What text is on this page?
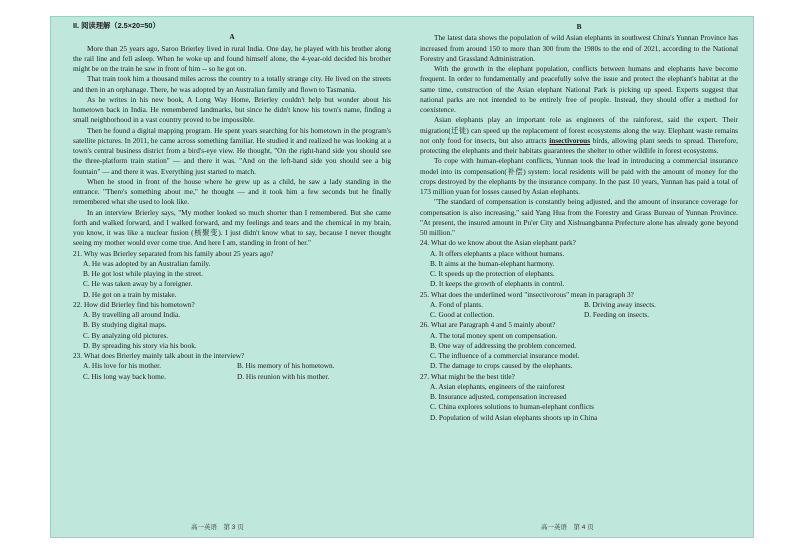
II. 阅读理解（2.5×20=50）
A

More than 25 years ago, Saroo Brierley lived in rural India. One day, he played with his brother along the rail line and fell asleep. When he woke up and found himself alone, the 4-year-old decided his brother might be on the train he saw in front of him -- so he got on.

That train took him a thousand miles across the country to a totally strange city. He lived on the streets and then in an orphanage. There, he was adopted by an Australian family and flown to Tasmania.

As he writes in his new book, A Long Way Home, Brierley couldn't help but wonder about his hometown back in India. He remembered landmarks, but since he didn't know his town's name, finding a small neighborhood in a vast country proved to be impossible.

Then he found a digital mapping program. He spent years searching for his hometown in the program's satellite pictures. In 2011, he came across something familiar. He studied it and realized he was looking at a town's central business district from a bird's-eye view. He thought, "On the right-hand side you should see the three-platform train station" — and there it was. "And on the left-hand side you should see a big fountain" — and there it was. Everything just started to match.

When he stood in front of the house where he grew up as a child, he saw a lady standing in the entrance. "There's something about me," he thought — and it took him a few seconds but he finally remembered what she used to look like.

In an interview Brierley says, "My mother looked so much shorter than I remembered. But she came forth and walked forward, and I walked forward, and my feelings and tears and the chemical in my brain, you know, it was like a nuclear fusion (核聚变). I just didn't know what to say, because I never thought seeing my mother would ever come true. And here I am, standing in front of her."

21. Why was Brierley separated from his family about 25 years ago?
A. He was adopted by an Australian family.
B. He got lost while playing in the street.
C. He was taken away by a foreigner.
D. He got on a train by mistake.
22. How did Brierley find his hometown?
A. By travelling all around India.
B. By studying digital maps.
C. By analyzing old pictures.
D. By spreading his story via his book.
23. What does Brierley mainly talk about in the interview?
A. His love for his mother.	B. His memory of his hometown.
C. His long way back home.	D. His reunion with his mother.
B

The latest data shows the population of wild Asian elephants in southwest China's Yunnan Province has increased from around 150 to more than 300 from the 1980s to the end of 2021, according to the National Forestry and Grassland Administration.

With the growth in the elephant population, conflicts between humans and elephants have become frequent. In order to fundamentally and peacefully solve the issue and protect the elephant's habitat at the same time, construction of the Asian elephant National Park is picking up speed. Experts suggest that national parks are not intended to be entirely free of people. Instead, they should offer a method for coexistence.

Asian elephants play an important role as engineers of the rainforest, said the expert. Their migration(迁徙) can speed up the replacement of forest ecosystems along the way. Elephant waste remains not only food for insects, but also attracts insectivorous birds, allowing plant seeds to spread. Therefore, protecting the elephants and their habitats guarantees the shelter to other wildlife in forest ecosystems.

To cope with human-elephant conflicts, Yunnan took the lead in introducing a commercial insurance model into its compensation(补偿) system: local residents will be paid with the amount of money for the crops destroyed by the elephants by the insurance company. In the past 10 years, Yunnan has paid a total of 173 million yuan for losses caused by Asian elephants.

"The standard of compensation is constantly being adjusted, and the amount of insurance coverage for compensation is also increasing," said Yang Hua from the Forestry and Grass Bureau of Yunnan Province. "At present, the insured amount in Pu'er City and Xishuangbanna Prefecture alone has already gone beyond 50 million."

24. What do we know about the Asian elephant park?
A. It offers elephants a place without humans.
B. It aims at the human-elephant harmony.
C. It speeds up the protection of elephants.
D. It keeps the growth of elephants in control.
25. What does the underlined word "insectivorous" mean in paragraph 3?
A. Fond of plants.	B. Driving away insects.
C. Good at collection.	D. Feeding on insects.
26. What are Paragraph 4 and 5 mainly about?
A. The total money spent on compensation.
B. One way of addressing the problem concerned.
C. The influence of a commercial insurance model.
D. The damage to crops caused by the elephants.
27. What might be the best title?
A. Asian elephants, engineers of the rainforest
B. Insurance adjusted, compensation increased
C. China explores solutions to human-elephant conflicts
D. Population of wild Asian elephants shoots up in China
高一英语　第 3 页	高一英语　第 4 页
